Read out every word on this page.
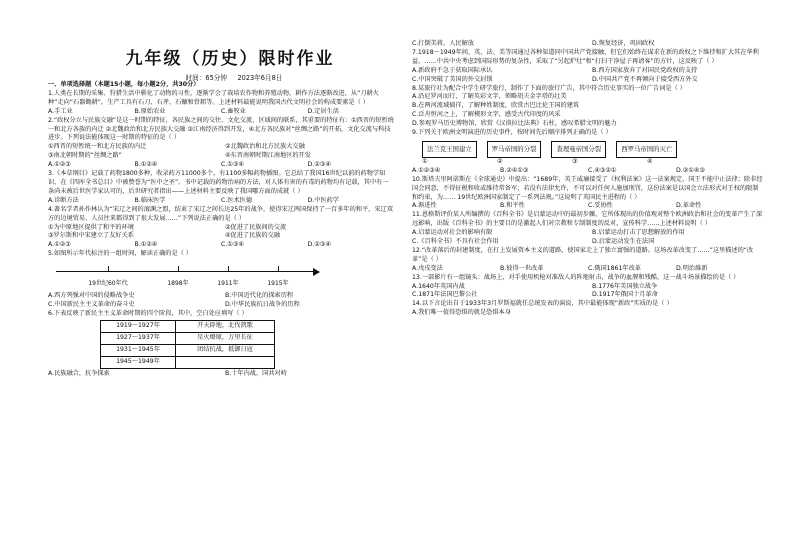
九年级（历史）限时作业
时间：65分钟 2023年6月8日

一、单项选择题（本题15小题，每小题2分，共30分）

1.人类在长期的采集、狩猎生活中驯化了动物的习性，逐渐学会了栽培农作物和养殖动物，耕作方法逐渐改进，从“刀耕火种”走向“石器锄耕”，生产工具有石刀、石斧、石镰和骨耜等。上述材料最能说明我国古代文明社会的构成要素是（ ）

A.手工业	B.原始农业	C.畜牧业	D.定居生活

2.“政权分立与民族交融”是这一时期的特征，各民族之间的交往、文化交流、区域间的联系，其重要的特征有：①西晋的短暂统一和北方各族的内迁 ②北魏政治和北方民族大交融 ③江南经济得到开发，④北方各民族对“丝绸之路”的开拓，文化交流与科技进步。下列说法能体现这一时期的特征的是（ ）

①西晋的短暂统一和北方民族的内迁	②北魏政治和北方民族大交融
③南北朝时期的“丝绸之路”	④东晋南朝时期江南地区的开发
A.①②③	B.①②④	C.①③④	D.②③④

3.《本草纲目》记载了药物1800多种，收录药方11000多个，有1100多幅药物插图。它总结了我国16世纪以前的药物学知识，在《四库全书总目》中被赞誉为“医中之圣”。书中记载的药物治病的方法，对人体有害的有毒的药物均有记载，其中有一条尚未被后世医学家认可的，后世研究者指出——上述材料主要反映了我国哪方面的成就（ ）

A.诊断方法	B.临床医学	C.医术医德	D.中医药学

4.著名学者孙作林认为“宋辽之间的澶渊之盟，结束了宋辽之间长达25年的战争，使得宋辽两国保持了一百多年的和平，宋辽双方的边境贸易、人员往来都得到了很大发展……”下列说法正确的是（ ）

①为中原地区提供了和平的环境	②促进了民族间的交流
③罗尔斯和中宋建立了友好关系	④促进了民族的交融
A.①②③	B.①②④	C.①③④	D.②③④

5.如图所示年代标注的一组时间，解读正确的是（ ）

19世纪60年代	1898年	1911年	1915年
A.西方列强对中国的侵略战争史	B.中国近代化的探索历程
C.中国新民主主义革命的奋斗史	D.中华民族抗日战争的历程

6.下表反映了新民主主义革命时期的四个阶段，其中，空白处应填写（ ）

1919～1927年	开天辟地，北伐凯歌
1927～1937年	星火燎原，万里长征
1931～1945年	团结抗战，抵御日寇
1945～1949年	
A.民族融合，抗争探索	B.十年内战，国共对峙
C.打倒美蒋，人民解放	D.恢复经济，巩固政权

7.1918～1949年间，英、法、美等国通过各种渠道同中国共产党接触，但它们始终在谋求在新的政权之下维持和扩大其在华利益，……中共中央考虑到国际形势的复杂性，采取了“另起炉灶”和“打扫干净屋子再请客”的方针，这反映了（ ）

A.新政府不急于获取国际承认	B.西方国家放弃了对国民党政权的支持
C.中国突破了美国的外交封锁	D.中国共产党不再倾向于接受西方外交

8.某旅行社为配合中学生研学旅行，制作了下面的旅行广告，其中符合历史事实的一位广告词是（ ）

A.沿尼罗河而行，了解英彩文字，领略胡夫金字塔的壮美

B.在两河流域徜徉，了解种姓制度，欣赏古巴比伦王国的建筑

C.泛舟恒河之上，了解楔形文字，感受古代印度的风采

D.参观罗马历史博物馆，欣赏《汉谟拉比法典》石柱，感叹希腊文明的魅力

9.下列关于欧洲文明演进的历史事件，按时间先后顺序排列正确的是（ ）

法兰克王国建立	罗马帝国的分裂	查理曼帝国分裂	西罗马帝国的灭亡
①	②	③	④
A.①②③④	B.②④①③	C.④③②①	D.②①④③

10.斯塔夫里阿诺斯在《全球通史》中提出：“1689年，英王威廉接受了《权利法案》这一法案规定，国王不能中止法律；除非经国会同意，不得征税和收或维持常备军；若没有法律允许，不可以对任何人施加刑罚，这份法案是以国会立法形式对王权的限制和约束，为…… 19世纪欧洲国家制定了一系列法规。”这说明了英国民主进程的（ ）

A.渐进性	B.和平性	C.妥协性	D.革命性

11.恩格斯评价某人所编撰的《百科全书》是启蒙运动中的最初步骤，它所体现出的价值观对整个欧洲政治和社会的变革产生了深远影响，出版《百科全书》的主要目的是激起人们对宗教和专制制度的反对，宣传科学……上述材料说明（ ）

A.启蒙运动对社会的影响有限	B.启蒙运动打击了思想解放的作用
C.《百科全书》不具有社会作用	D.启蒙运动发生在法国

12.“改革落后的封建制度，在打上发展资本主义的道路，使国家走上了独立富强的道路。这场改革改变了……”这里描述的“改革”是（ ）

A.戊戌变法	B.彼得一世改革	C.俄国1861年改革	D.明治维新

13.一部影片有一组镜头：战场上，对手使用机枪对准敌人的阵地射击，战争的血腥和残酷，这一战斗场景描绘的是（ ）

A.1640年英国内战	B.1776年美国独立战争
C.1871年法国巴黎公社	D.1917年俄国十月革命

14.以下言论出自于1933年3月罗斯福就任总统发表的演说，其中最能体现“新政”实质的是（ ）

A.我们唯一值得恐惧的就是恐惧本身
